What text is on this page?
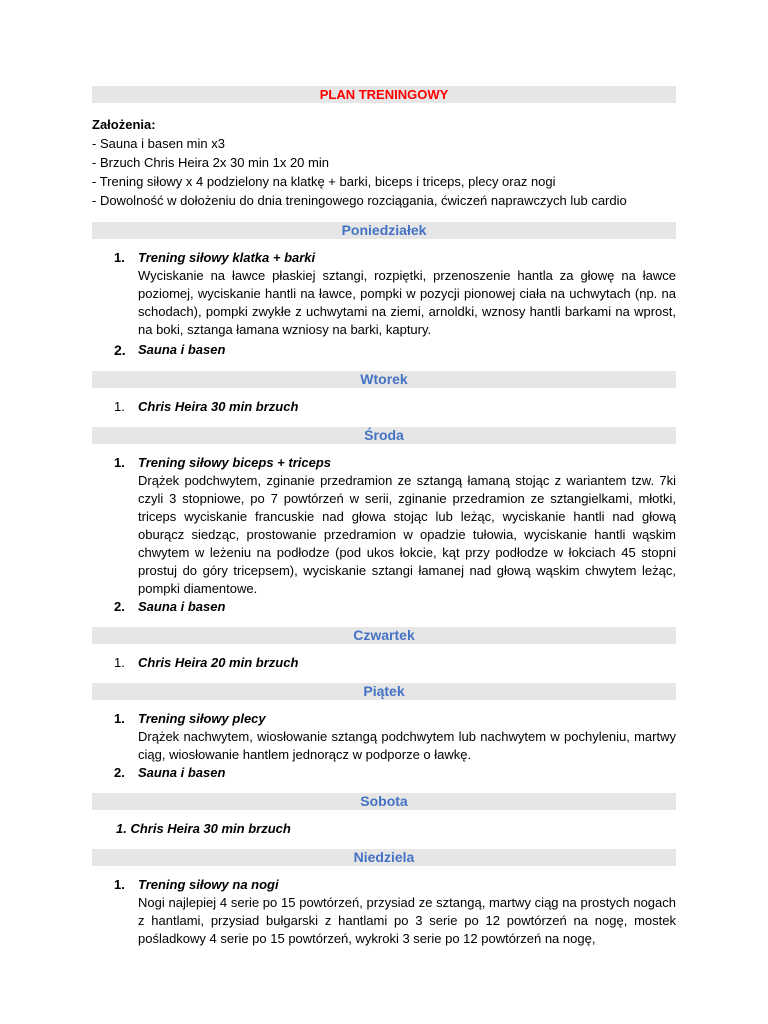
PLAN TRENINGOWY
Założenia:
- Sauna i basen min x3
- Brzuch Chris Heira 2x 30 min 1x 20 min
- Trening siłowy x 4 podzielony na klatkę + barki, biceps i triceps, plecy oraz nogi
- Dowolność w dołożeniu do dnia treningowego rozciągania, ćwiczeń naprawczych lub cardio
Poniedziałek
1. Trening siłowy klatka + barki
Wyciskanie na ławce płaskiej sztangi, rozpiętki, przenoszenie hantla za głowę na ławce poziomej, wyciskanie hantli na ławce, pompki w pozycji pionowej ciała na uchwytach (np. na schodach), pompki zwykłe z uchwytami na ziemi, arnoldki, wznosy hantli barkami na wprost, na boki, sztanga łamana wzniosy na barki, kaptury.
2. Sauna i basen
Wtorek
1. Chris Heira 30 min brzuch
Środa
1. Trening siłowy biceps + triceps
Drążek podchwytem, zginanie przedramion ze sztangą łamaną stojąc z wariantem tzw. 7ki czyli 3 stopniowe, po 7 powtórzeń w serii, zginanie przedramion ze sztangielkami, młotki, triceps wyciskanie francuskie nad głowa stojąc lub leżąc, wyciskanie hantli nad głową oburącz siedząc, prostowanie przedramion w opadzie tułowia, wyciskanie hantli wąskim chwytem w leżeniu na podłodze (pod ukos łokcie, kąt przy podłodze w łokciach 45 stopni prostuj do góry tricepsem), wyciskanie sztangi łamanej nad głową wąskim chwytem leżąc, pompki diamentowe.
2. Sauna i basen
Czwartek
1. Chris Heira 20 min brzuch
Piątek
1. Trening siłowy plecy
Drążek nachwytem, wiosłowanie sztangą podchwytem lub nachwytem w pochyleniu, martwy ciąg, wiosłowanie hantlem jednorącz w podporze o ławkę.
2. Sauna i basen
Sobota
1. Chris Heira 30 min brzuch
Niedziela
1. Trening siłowy na nogi
Nogi najlepiej 4 serie po 15 powtórzeń, przysiad ze sztangą, martwy ciąg na prostych nogach z hantlami, przysiad bułgarski z hantlami po 3 serie po 12 powtórzeń na nogę, mostek pośladkowy 4 serie po 15 powtórzeń, wykroki 3 serie po 12 powtórzeń na nogę,
